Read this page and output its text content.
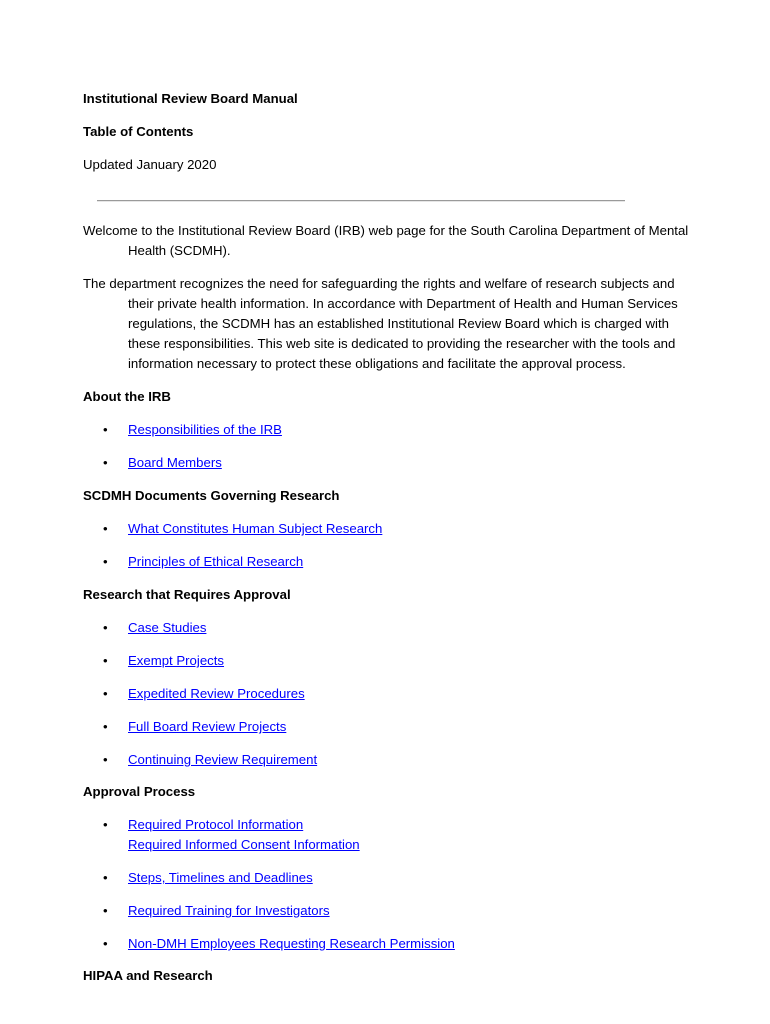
Institutional Review Board Manual
Table of Contents
Updated January 2020

Welcome to the Institutional Review Board (IRB) web page for the South Carolina Department of Mental Health (SCDMH).

The department recognizes the need for safeguarding the rights and welfare of research subjects and their private health information. In accordance with Department of Health and Human Services regulations, the SCDMH has an established Institutional Review Board which is charged with these responsibilities. This web site is dedicated to providing the researcher with the tools and information necessary to protect these obligations and facilitate the approval process.

About the IRB
•	Responsibilities of the IRB
•	Board Members
SCDMH Documents Governing Research
•	What Constitutes Human Subject Research
•	Principles of Ethical Research
Research that Requires Approval
•	Case Studies
•	Exempt Projects
•	Expedited Review Procedures
•	Full Board Review Projects
•	Continuing Review Requirement
Approval Process
•	Required Protocol Information
Required Informed Consent Information
•	Steps, Timelines and Deadlines
•	Required Training for Investigators
•	Non-DMH Employees Requesting Research Permission
HIPAA and Research
